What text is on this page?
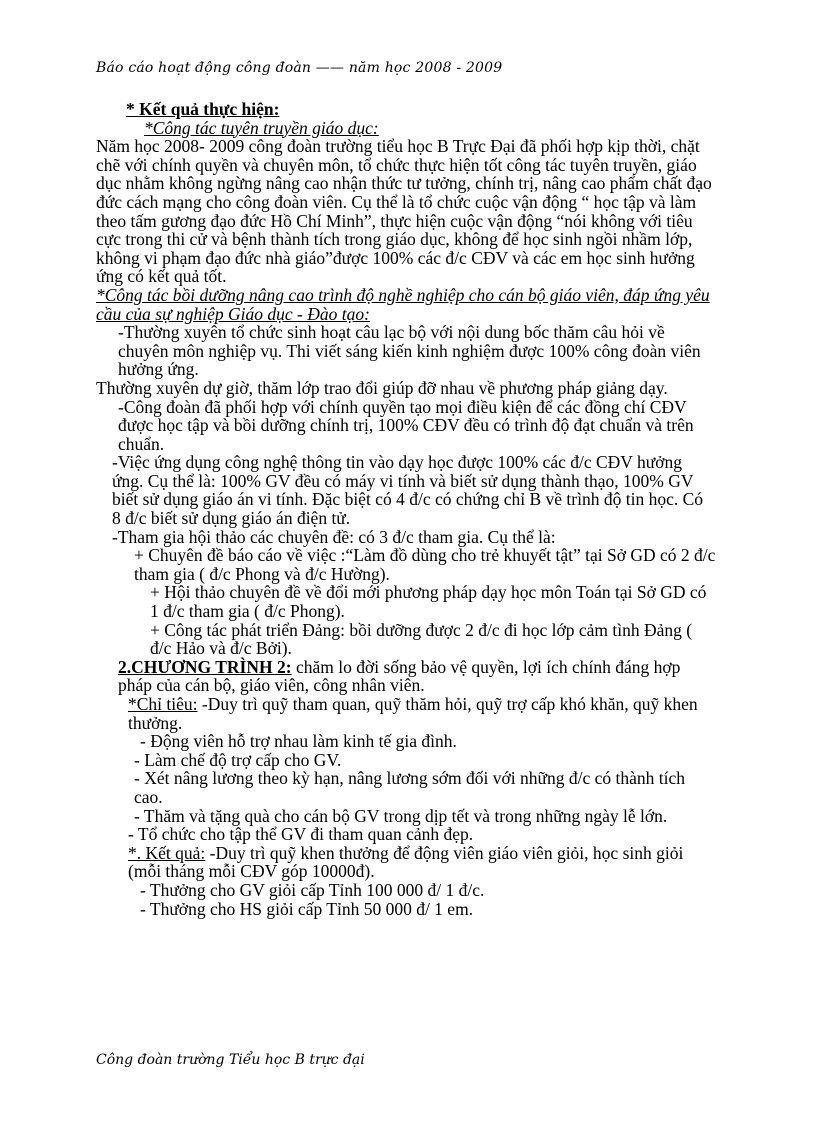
Báo cáo hoạt động công đoàn —— năm học 2008 - 2009

* Kết quả thực hiện:

*Công tác tuyên truyền giáo dục:

Năm học 2008- 2009 công đoàn trường tiểu học B Trực Đại đã phối hợp kịp thời, chặt chẽ với chính quyền và chuyên môn, tổ chức thực hiện tốt công tác tuyên truyền, giáo dục nhằm không ngừng nâng cao nhận thức tư tưởng, chính trị, nâng cao phẩm chất đạo đức cách mạng cho công đoàn viên. Cụ thể là tổ chức cuộc vận động “ học tập và làm theo tấm gương đạo đức Hồ Chí Minh”, thực hiện cuộc vận động “nói không với tiêu cực trong thi cử và bệnh thành tích trong giáo dục, không để học sinh ngồi nhầm lớp, không vi phạm đạo đức nhà giáo”được 100% các đ/c CĐV và các em học sinh hưởng ứng có kết quả tốt.

*Công tác bồi dưỡng nâng cao trình độ nghề nghiệp cho cán bộ giáo viên, đáp ứng yêu cầu của sự nghiệp Giáo dục - Đào tạo:

-Thường xuyên tổ chức sinh hoạt câu lạc bộ với nội dung bốc thăm câu hỏi về chuyên môn nghiệp vụ. Thi viết sáng kiến kinh nghiệm được 100% công đoàn viên hưởng ứng.

Thường xuyên dự giờ, thăm lớp trao đổi giúp đỡ nhau về phương pháp giảng dạy.

-Công đoàn đã phối hợp với chính quyền tạo mọi điều kiện để các đồng chí CĐV được học tập và bồi dưỡng chính trị, 100% CĐV đều có trình độ đạt chuẩn và trên chuẩn.

-Việc ứng dụng công nghệ thông tin vào dạy học được 100% các đ/c CĐV hưởng ứng. Cụ thể là: 100% GV đều có máy vi tính và biết sử dụng thành thạo, 100% GV biết sử dụng giáo án vi tính. Đặc biệt có 4 đ/c có chứng chỉ B về trình độ tin học. Có 8 đ/c biết sử dụng giáo án điện tử.

-Tham gia hội thảo các chuyên đề: có 3 đ/c tham gia. Cụ thể là:

+ Chuyên đề báo cáo về việc :“Làm đồ dùng cho trẻ khuyết tật” tại Sở GD có 2 đ/c tham gia ( đ/c Phong và đ/c Hường).

+ Hội thảo chuyên đề về đổi mới phương pháp dạy học môn Toán tại Sở GD có 1 đ/c tham gia ( đ/c Phong).

+ Công tác phát triển Đảng: bồi dưỡng được 2 đ/c đi học lớp cảm tình Đảng ( đ/c Hảo và đ/c Bởi).

2.CHƯƠNG TRÌNH 2: chăm lo đời sống bảo vệ quyền, lợi ích chính đáng hợp pháp của cán bộ, giáo viên, công nhân viên.

*Chỉ tiêu: -Duy trì quỹ tham quan, quỹ thăm hỏi, quỹ trợ cấp khó khăn, quỹ khen thưởng.

- Động viên hỗ trợ nhau làm kinh tế gia đình.

- Làm chế độ trợ cấp cho GV.

- Xét nâng lương theo kỳ hạn, nâng lương sớm đối với những đ/c có thành tích cao.

- Thăm và tặng quà cho cán bộ GV trong dịp tết và trong những ngày lễ lớn.

- Tổ chức cho tập thể GV đi tham quan cảnh đẹp.

*. Kết quả: -Duy trì quỹ khen thưởng để động viên giáo viên giỏi, học sinh giỏi (mỗi tháng mỗi CĐV góp 10000đ).

- Thưởng cho GV giỏi cấp Tỉnh 100 000 đ/ 1 đ/c.

- Thưởng cho HS giỏi cấp Tỉnh 50 000 đ/ 1 em.

Công đoàn trường Tiểu học B trực đại
